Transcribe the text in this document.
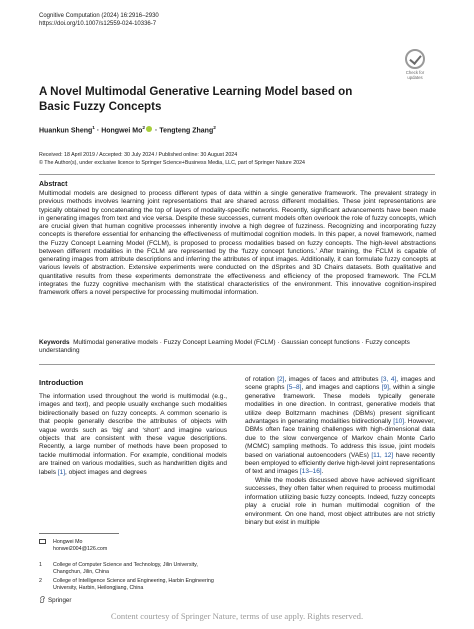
Cognitive Computation (2024) 16:2916–2930
https://doi.org/10.1007/s12559-024-10336-7
Check for
updates
A Novel Multimodal Generative Learning Model based on Basic Fuzzy Concepts
Huankun Sheng$^1$ · Hongwei $Mo^2$ · Tengteng Zhang$^2$
Received: 18 April 2019 / Accepted: 30 July 2024 / Published online: 30 August 2024
© The Author(s), under exclusive licence to Springer Science+Business Media, LLC, part of Springer Nature 2024
Abstract
Multimodal models are designed to process different types of data within a single generative framework. The prevalent strategy in previous methods involves learning joint representations that are shared across different modalities. These joint representations are typically obtained by concatenating the top of layers of modality-specific networks. Recently, significant advancements have been made in generating images from text and vice versa. Despite these successes, current models often overlook the role of fuzzy concepts, which are crucial given that human cognitive processes inherently involve a high degree of fuzziness. Recognizing and incorporating fuzzy concepts is therefore essential for enhancing the effectiveness of multimodal cognition models. In this paper, a novel framework, named the Fuzzy Concept Learning Model (FCLM), is proposed to process modalities based on fuzzy concepts. The high-level abstractions between different modalities in the FCLM are represented by the ‘fuzzy concept functions.’ After training, the FCLM is capable of generating images from attribute descriptions and inferring the attributes of input images. Additionally, it can formulate fuzzy concepts at various levels of abstraction. Extensive experiments were conducted on the dSprites and 3D Chairs datasets. Both qualitative and quantitative results from these experiments demonstrate the effectiveness and efficiency of the proposed framework. The FCLM integrates the fuzzy cognitive mechanism with the statistical characteristics of the environment. This innovative cognition-inspired framework offers a novel perspective for processing multimodal information.
Keywords Multimodal generative models · Fuzzy Concept Learning Model (FCLM) · Gaussian concept functions · Fuzzy concepts understanding
Introduction
The information used throughout the world is multimodal (e.g., images and text), and people usually exchange such modalities bidirectionally based on fuzzy concepts. A common scenario is that people generally describe the attributes of objects with vague words such as ‘big’ and ‘short’ and imagine various objects that are consistent with these vague descriptions. Recently, a large number of methods have been proposed to tackle multimodal information. For example, conditional models are trained on various modalities, such as handwritten digits and labels [1], object images and degrees
of rotation [2], images of faces and attributes [3, 4], images and scene graphs [5–8], and images and captions [9], within a single generative framework. These models typically generate modalities in one direction. In contrast, generative models that utilize deep Boltzmann machines (DBMs) present significant advantages in generating modalities bidirectionally [10]. However, DBMs often face training challenges with high-dimensional data due to the slow convergence of Markov chain Monte Carlo (MCMC) sampling methods. To address this issue, joint models based on variational autoencoders (VAEs) [11, 12] have recently been employed to efficiently derive high-level joint representations of text and images [13–16].
While the models discussed above have achieved significant successes, they often falter when required to process multimodal information utilizing basic fuzzy concepts. Indeed, fuzzy concepts play a crucial role in human multimodal cognition of the environment. On one hand, most object attributes are not strictly binary but exist in multiple
Hongwei Mo
honwei2004@126.com
1 College of Computer Science and Technology, Jilin University, Changchun, Jilin, China
2 College of Intelligence Science and Engineering, Harbin Engineering University, Harbin, Heilongjiang, China
Springer
Content courtesy of Springer Nature, terms of use apply. Rights reserved.
